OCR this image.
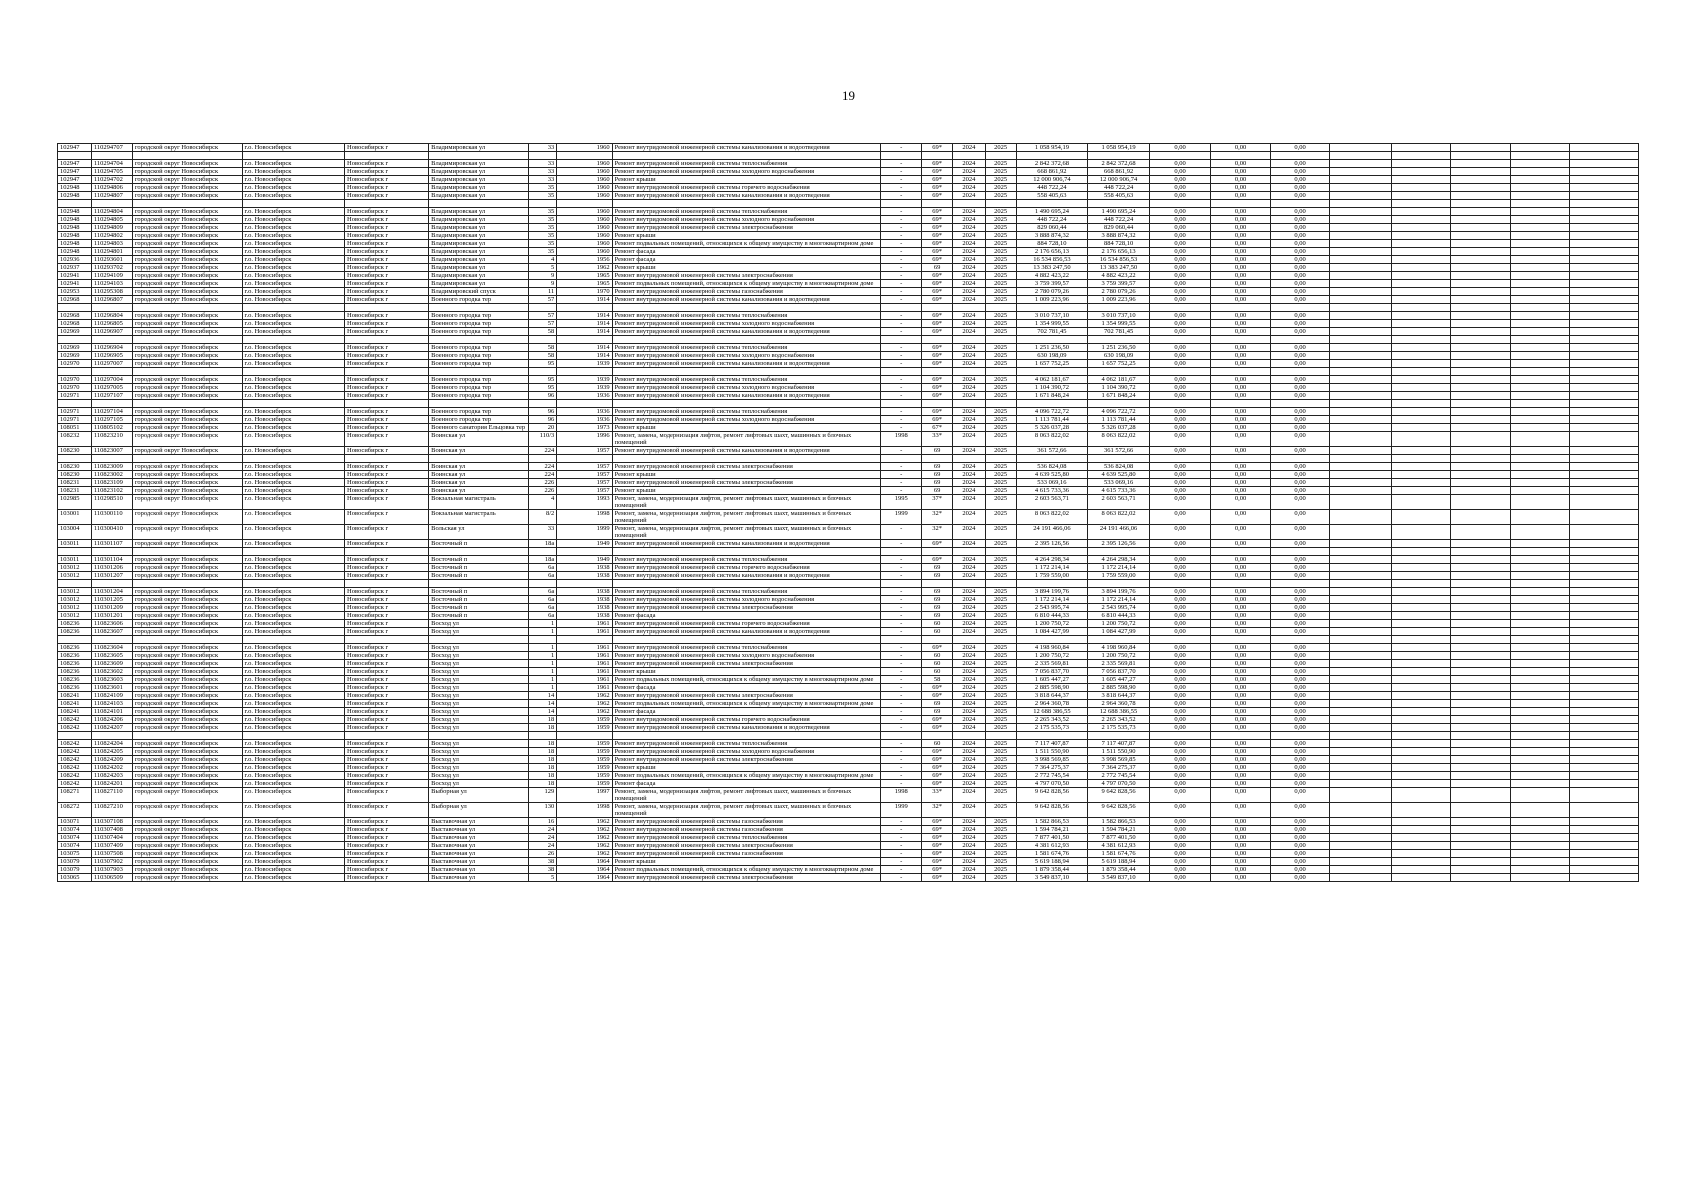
19
102947	110294707	городской округ Новосибирск	г.о. Новосибирск	Новосибирск г	Владимировская ул	33	1960	Ремонт внутридомовой инженерной системы канализования и водоотведения	-	69*	2024	2025	1 058 954,19	1 058 954,19	0,00	0,00	0,00					

102947	110294704	городской округ Новосибирск	г.о. Новосибирск	Новосибирск г	Владимировская ул	33	1960	Ремонт внутридомовой инженерной системы теплоснабжения	-	69*	2024	2025	2 842 372,68	2 842 372,68	0,00	0,00	0,00					
102947	110294705	городской округ Новосибирск	г.о. Новосибирск	Новосибирск г	Владимировская ул	33	1960	Ремонт внутридомовой инженерной системы холодного водоснабжения	-	69*	2024	2025	668 861,92	668 861,92	0,00	0,00	0,00					
102947	110294702	городской округ Новосибирск	г.о. Новосибирск	Новосибирск г	Владимировская ул	33	1960	Ремонт крыши	-	69*	2024	2025	12 000 906,74	12 000 906,74	0,00	0,00	0,00					
102948	110294806	городской округ Новосибирск	г.о. Новосибирск	Новосибирск г	Владимировская ул	35	1960	Ремонт внутридомовой инженерной системы горячего водоснабжения	-	69*	2024	2025	448 722,24	448 722,24	0,00	0,00	0,00					
102948	110294807	городской округ Новосибирск	г.о. Новосибирск	Новосибирск г	Владимировская ул	35	1960	Ремонт внутридомовой инженерной системы канализования и водоотведения	-	69*	2024	2025	558 405,63	558 405,63	0,00	0,00	0,00					

102948	110294804	городской округ Новосибирск	г.о. Новосибирск	Новосибирск г	Владимировская ул	35	1960	Ремонт внутридомовой инженерной системы теплоснабжения	-	69*	2024	2025	1 490 695,24	1 490 695,24	0,00	0,00	0,00					
102948	110294805	городской округ Новосибирск	г.о. Новосибирск	Новосибирск г	Владимировская ул	35	1960	Ремонт внутридомовой инженерной системы холодного водоснабжения	-	69*	2024	2025	448 722,24	448 722,24	0,00	0,00	0,00					
102948	110294809	городской округ Новосибирск	г.о. Новосибирск	Новосибирск г	Владимировская ул	35	1960	Ремонт внутридомовой инженерной системы электроснабжения	-	69*	2024	2025	829 060,44	829 060,44	0,00	0,00	0,00					
102948	110294802	городской округ Новосибирск	г.о. Новосибирск	Новосибирск г	Владимировская ул	35	1960	Ремонт крыши	-	69*	2024	2025	3 888 874,32	3 888 874,32	0,00	0,00	0,00					
102948	110294803	городской округ Новосибирск	г.о. Новосибирск	Новосибирск г	Владимировская ул	35	1960	Ремонт подвальных помещений, относящихся к общему имуществу в многоквартирном доме	-	69*	2024	2025	884 728,10	884 728,10	0,00	0,00	0,00					
102948	110294801	городской округ Новосибирск	г.о. Новосибирск	Новосибирск г	Владимировская ул	35	1960	Ремонт фасада	-	69*	2024	2025	2 176 656,13	2 176 656,13	0,00	0,00	0,00					
102936	110293601	городской округ Новосибирск	г.о. Новосибирск	Новосибирск г	Владимировская ул	4	1956	Ремонт фасада	-	69*	2024	2025	16 534 856,53	16 534 856,53	0,00	0,00	0,00					
102937	110293702	городской округ Новосибирск	г.о. Новосибирск	Новосибирск г	Владимировская ул	5	1962	Ремонт крыши	-	69	2024	2025	13 383 247,50	13 383 247,50	0,00	0,00	0,00					
102941	110294109	городской округ Новосибирск	г.о. Новосибирск	Новосибирск г	Владимировская ул	9	1965	Ремонт внутридомовой инженерной системы электроснабжения	-	69*	2024	2025	4 882 423,22	4 882 423,22	0,00	0,00	0,00					
102941	110294103	городской округ Новосибирск	г.о. Новосибирск	Новосибирск г	Владимировская ул	9	1965	Ремонт подвальных помещений, относящихся к общему имуществу в многоквартирном доме	-	69*	2024	2025	3 759 399,57	3 759 399,57	0,00	0,00	0,00					
102953	110295308	городской округ Новосибирск	г.о. Новосибирск	Новосибирск г	Владимировский спуск	11	1970	Ремонт внутридомовой инженерной системы газоснабжения	-	69*	2024	2025	2 780 079,26	2 780 079,26	0,00	0,00	0,00					
102968	110296807	городской округ Новосибирск	г.о. Новосибирск	Новосибирск г	Военного городка тер	57	1914	Ремонт внутридомовой инженерной системы канализования и водоотведения	-	69*	2024	2025	1 009 223,96	1 009 223,96	0,00	0,00	0,00					

102968	110296804	городской округ Новосибирск	г.о. Новосибирск	Новосибирск г	Военного городка тер	57	1914	Ремонт внутридомовой инженерной системы теплоснабжения	-	69*	2024	2025	3 010 737,10	3 010 737,10	0,00	0,00	0,00					
102968	110296805	городской округ Новосибирск	г.о. Новосибирск	Новосибирск г	Военного городка тер	57	1914	Ремонт внутридомовой инженерной системы холодного водоснабжения	-	69*	2024	2025	1 354 999,55	1 354 999,55	0,00	0,00	0,00					
102969	110296907	городской округ Новосибирск	г.о. Новосибирск	Новосибирск г	Военного городка тер	58	1914	Ремонт внутридомовой инженерной системы канализования и водоотведения	-	69*	2024	2025	702 781,45	702 781,45	0,00	0,00	0,00					

102969	110296904	городской округ Новосибирск	г.о. Новосибирск	Новосибирск г	Военного городка тер	58	1914	Ремонт внутридомовой инженерной системы теплоснабжения	-	69*	2024	2025	1 251 236,50	1 251 236,50	0,00	0,00	0,00					
102969	110296905	городской округ Новосибирск	г.о. Новосибирск	Новосибирск г	Военного городка тер	58	1914	Ремонт внутридомовой инженерной системы холодного водоснабжения	-	69*	2024	2025	630 198,09	630 198,09	0,00	0,00	0,00					
102970	110297007	городской округ Новосибирск	г.о. Новосибирск	Новосибирск г	Военного городка тер	95	1939	Ремонт внутридомовой инженерной системы канализования и водоотведения	-	69*	2024	2025	1 657 752,25	1 657 752,25	0,00	0,00	0,00					

102970	110297004	городской округ Новосибирск	г.о. Новосибирск	Новосибирск г	Военного городка тер	95	1939	Ремонт внутридомовой инженерной системы теплоснабжения	-	69*	2024	2025	4 062 181,67	4 062 181,67	0,00	0,00	0,00					
102970	110297005	городской округ Новосибирск	г.о. Новосибирск	Новосибирск г	Военного городка тер	95	1939	Ремонт внутридомовой инженерной системы холодного водоснабжения	-	69*	2024	2025	1 104 390,72	1 104 390,72	0,00	0,00	0,00					
102971	110297107	городской округ Новосибирск	г.о. Новосибирск	Новосибирск г	Военного городка тер	96	1936	Ремонт внутридомовой инженерной системы канализования и водоотведения	-	69*	2024	2025	1 671 848,24	1 671 848,24	0,00	0,00	0,00					

102971	110297104	городской округ Новосибирск	г.о. Новосибирск	Новосибирск г	Военного городка тер	96	1936	Ремонт внутридомовой инженерной системы теплоснабжения	-	69*	2024	2025	4 096 722,72	4 096 722,72	0,00	0,00	0,00					
102971	110297105	городской округ Новосибирск	г.о. Новосибирск	Новосибирск г	Военного городка тер	96	1936	Ремонт внутридомовой инженерной системы холодного водоснабжения	-	69*	2024	2025	1 113 781,44	1 113 781,44	0,00	0,00	0,00					
108051	110805102	городской округ Новосибирск	г.о. Новосибирск	Новосибирск г	Военного санатория Ельцовка тер	20	1973	Ремонт крыши	-	67*	2024	2025	5 326 037,28	5 326 037,28	0,00	0,00	0,00					
108232	110823210	городской округ Новосибирск	г.о. Новосибирск	Новосибирск г	Воинская ул	110/3	1996	Ремонт, замена, модернизация лифтов, ремонт лифтовых шахт, машинных и блочных помещений	1998	33*	2024	2025	8 063 822,02	8 063 822,02	0,00	0,00	0,00					
108230	110823007	городской округ Новосибирск	г.о. Новосибирск	Новосибирск г	Воинская ул	224	1957	Ремонт внутридомовой инженерной системы канализования и водоотведения	-	69	2024	2025	361 572,66	361 572,66	0,00	0,00	0,00					

108230	110823009	городской округ Новосибирск	г.о. Новосибирск	Новосибирск г	Воинская ул	224	1957	Ремонт внутридомовой инженерной системы электроснабжения	-	69	2024	2025	536 824,08	536 824,08	0,00	0,00	0,00					
108230	110823002	городской округ Новосибирск	г.о. Новосибирск	Новосибирск г	Воинская ул	224	1957	Ремонт крыши	-	69	2024	2025	4 639 525,80	4 639 525,80	0,00	0,00	0,00					
108231	110823109	городской округ Новосибирск	г.о. Новосибирск	Новосибирск г	Воинская ул	226	1957	Ремонт внутридомовой инженерной системы электроснабжения	-	69	2024	2025	533 069,16	533 069,16	0,00	0,00	0,00					
108231	110823102	городской округ Новосибирск	г.о. Новосибирск	Новосибирск г	Воинская ул	226	1957	Ремонт крыши	-	69	2024	2025	4 615 733,36	4 615 733,36	0,00	0,00	0,00					
102985	110298510	городской округ Новосибирск	г.о. Новосибирск	Новосибирск г	Вокзальная магистраль	4	1993	Ремонт, замена, модернизация лифтов, ремонт лифтовых шахт, машинных и блочных помещений	1995	37*	2024	2025	2 603 563,71	2 603 563,71	0,00	0,00	0,00					
103001	110300110	городской округ Новосибирск	г.о. Новосибирск	Новосибирск г	Вокзальная магистраль	8/2	1998	Ремонт, замена, модернизация лифтов, ремонт лифтовых шахт, машинных и блочных помещений	1999	32*	2024	2025	8 063 822,02	8 063 822,02	0,00	0,00	0,00					
103004	110300410	городской округ Новосибирск	г.о. Новосибирск	Новосибирск г	Вольская ул	33	1999	Ремонт, замена, модернизация лифтов, ремонт лифтовых шахт, машинных и блочных помещений	-	32*	2024	2025	24 191 466,06	24 191 466,06	0,00	0,00	0,00					
103011	110301107	городской округ Новосибирск	г.о. Новосибирск	Новосибирск г	Восточный п	18а	1949	Ремонт внутридомовой инженерной системы канализования и водоотведения	-	69*	2024	2025	2 395 126,56	2 395 126,56	0,00	0,00	0,00					

103011	110301104	городской округ Новосибирск	г.о. Новосибирск	Новосибирск г	Восточный п	18а	1949	Ремонт внутридомовой инженерной системы теплоснабжения	-	69*	2024	2025	4 264 298,34	4 264 298,34	0,00	0,00	0,00					
103012	110301206	городской округ Новосибирск	г.о. Новосибирск	Новосибирск г	Восточный п	6а	1938	Ремонт внутридомовой инженерной системы горячего водоснабжения	-	69	2024	2025	1 172 214,14	1 172 214,14	0,00	0,00	0,00					
103012	110301207	городской округ Новосибирск	г.о. Новосибирск	Новосибирск г	Восточный п	6а	1938	Ремонт внутридомовой инженерной системы канализования и водоотведения	-	69	2024	2025	1 759 559,00	1 759 559,00	0,00	0,00	0,00					

103012	110301204	городской округ Новосибирск	г.о. Новосибирск	Новосибирск г	Восточный п	6а	1938	Ремонт внутридомовой инженерной системы теплоснабжения	-	69	2024	2025	3 894 199,76	3 894 199,76	0,00	0,00	0,00					
103012	110301205	городской округ Новосибирск	г.о. Новосибирск	Новосибирск г	Восточный п	6а	1938	Ремонт внутридомовой инженерной системы холодного водоснабжения	-	69	2024	2025	1 172 214,14	1 172 214,14	0,00	0,00	0,00					
103012	110301209	городской округ Новосибирск	г.о. Новосибирск	Новосибирск г	Восточный п	6а	1938	Ремонт внутридомовой инженерной системы электроснабжения	-	69	2024	2025	2 543 995,74	2 543 995,74	0,00	0,00	0,00					
103012	110301201	городской округ Новосибирск	г.о. Новосибирск	Новосибирск г	Восточный п	6а	1938	Ремонт фасада	-	69	2024	2025	6 810 444,33	6 810 444,33	0,00	0,00	0,00					
108236	110823606	городской округ Новосибирск	г.о. Новосибирск	Новосибирск г	Восход ул	1	1961	Ремонт внутридомовой инженерной системы горячего водоснабжения	-	60	2024	2025	1 200 750,72	1 200 750,72	0,00	0,00	0,00					
108236	110823607	городской округ Новосибирск	г.о. Новосибирск	Новосибирск г	Восход ул	1	1961	Ремонт внутридомовой инженерной системы канализования и водоотведения	-	60	2024	2025	1 084 427,99	1 084 427,99	0,00	0,00	0,00					

108236	110823604	городской округ Новосибирск	г.о. Новосибирск	Новосибирск г	Восход ул	1	1961	Ремонт внутридомовой инженерной системы теплоснабжения	-	69*	2024	2025	4 198 960,84	4 198 960,84	0,00	0,00	0,00					
108236	110823605	городской округ Новосибирск	г.о. Новосибирск	Новосибирск г	Восход ул	1	1961	Ремонт внутридомовой инженерной системы холодного водоснабжения	-	60	2024	2025	1 200 750,72	1 200 750,72	0,00	0,00	0,00					
108236	110823609	городской округ Новосибирск	г.о. Новосибирск	Новосибирск г	Восход ул	1	1961	Ремонт внутридомовой инженерной системы электроснабжения	-	60	2024	2025	2 335 569,81	2 335 569,81	0,00	0,00	0,00					
108236	110823602	городской округ Новосибирск	г.о. Новосибирск	Новосибирск г	Восход ул	1	1961	Ремонт крыши	-	60	2024	2025	7 056 837,70	7 056 837,70	0,00	0,00	0,00					
108236	110823603	городской округ Новосибирск	г.о. Новосибирск	Новосибирск г	Восход ул	1	1961	Ремонт подвальных помещений, относящихся к общему имуществу в многоквартирном доме	-	58	2024	2025	1 605 447,27	1 605 447,27	0,00	0,00	0,00					
108236	110823601	городской округ Новосибирск	г.о. Новосибирск	Новосибирск г	Восход ул	1	1961	Ремонт фасада	-	69*	2024	2025	2 885 598,90	2 885 598,90	0,00	0,00	0,00					
108241	110824109	городской округ Новосибирск	г.о. Новосибирск	Новосибирск г	Восход ул	14	1962	Ремонт внутридомовой инженерной системы электроснабжения	-	69*	2024	2025	3 818 644,37	3 818 644,37	0,00	0,00	0,00					
108241	110824103	городской округ Новосибирск	г.о. Новосибирск	Новосибирск г	Восход ул	14	1962	Ремонт подвальных помещений, относящихся к общему имуществу в многоквартирном доме	-	69	2024	2025	2 964 360,78	2 964 360,78	0,00	0,00	0,00					
108241	110824101	городской округ Новосибирск	г.о. Новосибирск	Новосибирск г	Восход ул	14	1962	Ремонт фасада	-	69	2024	2025	12 688 386,55	12 688 386,55	0,00	0,00	0,00					
108242	110824206	городской округ Новосибирск	г.о. Новосибирск	Новосибирск г	Восход ул	18	1959	Ремонт внутридомовой инженерной системы горячего водоснабжения	-	69*	2024	2025	2 265 343,52	2 265 343,52	0,00	0,00	0,00					
108242	110824207	городской округ Новосибирск	г.о. Новосибирск	Новосибирск г	Восход ул	18	1959	Ремонт внутридомовой инженерной системы канализования и водоотведения	-	69*	2024	2025	2 175 535,73	2 175 535,73	0,00	0,00	0,00					

108242	110824204	городской округ Новосибирск	г.о. Новосибирск	Новосибирск г	Восход ул	18	1959	Ремонт внутридомовой инженерной системы теплоснабжения	-	60	2024	2025	7 117 407,87	7 117 407,87	0,00	0,00	0,00					
108242	110824205	городской округ Новосибирск	г.о. Новосибирск	Новосибирск г	Восход ул	18	1959	Ремонт внутридомовой инженерной системы холодного водоснабжения	-	69*	2024	2025	1 511 550,90	1 511 550,90	0,00	0,00	0,00					
108242	110824209	городской округ Новосибирск	г.о. Новосибирск	Новосибирск г	Восход ул	18	1959	Ремонт внутридомовой инженерной системы электроснабжения	-	69*	2024	2025	3 998 569,85	3 998 569,85	0,00	0,00	0,00					
108242	110824202	городской округ Новосибирск	г.о. Новосибирск	Новосибирск г	Восход ул	18	1959	Ремонт крыши	-	69*	2024	2025	7 364 275,37	7 364 275,37	0,00	0,00	0,00					
108242	110824203	городской округ Новосибирск	г.о. Новосибирск	Новосибирск г	Восход ул	18	1959	Ремонт подвальных помещений, относящихся к общему имуществу в многоквартирном доме	-	69*	2024	2025	2 772 745,54	2 772 745,54	0,00	0,00	0,00					
108242	110824201	городской округ Новосибирск	г.о. Новосибирск	Новосибирск г	Восход ул	18	1959	Ремонт фасада	-	69*	2024	2025	4 797 070,50	4 797 070,50	0,00	0,00	0,00					
108271	110827110	городской округ Новосибирск	г.о. Новосибирск	Новосибирск г	Выборная ул	129	1997	Ремонт, замена, модернизация лифтов, ремонт лифтовых шахт, машинных и блочных помещений	1998	33*	2024	2025	9 642 828,56	9 642 828,56	0,00	0,00	0,00					
108272	110827210	городской округ Новосибирск	г.о. Новосибирск	Новосибирск г	Выборная ул	130	1998	Ремонт, замена, модернизация лифтов, ремонт лифтовых шахт, машинных и блочных помещений	1999	32*	2024	2025	9 642 828,56	9 642 828,56	0,00	0,00	0,00					
103071	110307108	городской округ Новосибирск	г.о. Новосибирск	Новосибирск г	Выставочная ул	16	1962	Ремонт внутридомовой инженерной системы газоснабжения	-	69*	2024	2025	1 582 866,53	1 582 866,53	0,00	0,00	0,00					
103074	110307408	городской округ Новосибирск	г.о. Новосибирск	Новосибирск г	Выставочная ул	24	1962	Ремонт внутридомовой инженерной системы газоснабжения	-	69*	2024	2025	1 594 784,21	1 594 784,21	0,00	0,00	0,00					
103074	110307404	городской округ Новосибирск	г.о. Новосибирск	Новосибирск г	Выставочная ул	24	1962	Ремонт внутридомовой инженерной системы теплоснабжения	-	69*	2024	2025	7 877 401,50	7 877 401,50	0,00	0,00	0,00					
103074	110307409	городской округ Новосибирск	г.о. Новосибирск	Новосибирск г	Выставочная ул	24	1962	Ремонт внутридомовой инженерной системы электроснабжения	-	69*	2024	2025	4 381 612,93	4 381 612,93	0,00	0,00	0,00					
103075	110307508	городской округ Новосибирск	г.о. Новосибирск	Новосибирск г	Выставочная ул	26	1962	Ремонт внутридомовой инженерной системы газоснабжения	-	69*	2024	2025	1 581 674,76	1 581 674,76	0,00	0,00	0,00					
103079	110307902	городской округ Новосибирск	г.о. Новосибирск	Новосибирск г	Выставочная ул	38	1964	Ремонт крыши	-	69*	2024	2025	5 619 188,94	5 619 188,94	0,00	0,00	0,00					
103079	110307903	городской округ Новосибирск	г.о. Новосибирск	Новосибирск г	Выставочная ул	38	1964	Ремонт подвальных помещений, относящихся к общему имуществу в многоквартирном доме	-	69*	2024	2025	1 879 358,44	1 879 358,44	0,00	0,00	0,00					
103065	110306509	городской округ Новосибирск	г.о. Новосибирск	Новосибирск г	Выставочная ул	5	1964	Ремонт внутридомовой инженерной системы электроснабжения	-	69*	2024	2025	3 549 837,10	3 549 837,10	0,00	0,00	0,00					
